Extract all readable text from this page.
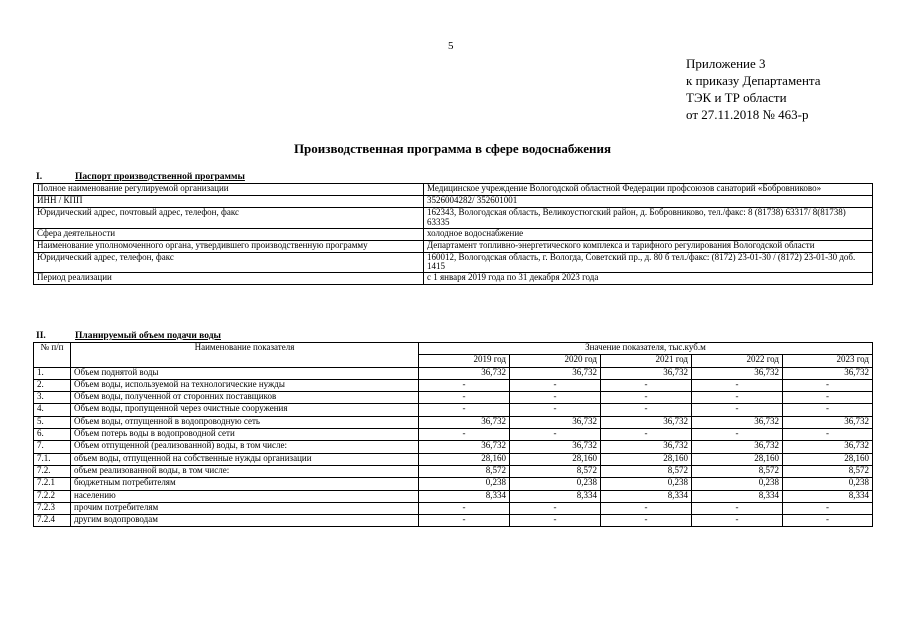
5
Приложение 3
к приказу Департамента
ТЭК и ТР области
от 27.11.2018 № 463-р
Производственная программа в сфере водоснабжения
I.	Паспорт производственной программы
Полное наименование регулируемой организации	Медицинское учреждение Вологодской областной Федерации профсоюзов санаторий «Бобровниково»
ИНН / КПП	3526004282/ 352601001
Юридический адрес, почтовый адрес, телефон, факс	162343, Вологодская область, Великоустюгский район, д. Бобровниково, тел./факс: 8 (81738) 63317/ 8(81738) 63335
Сфера деятельности	холодное водоснабжение
Наименование уполномоченного органа, утвердившего производственную программу	Департамент топливно-энергетического комплекса и тарифного регулирования Вологодской области
Юридический адрес, телефон, факс	160012, Вологодская область, г. Вологда, Советский пр., д. 80 б тел./факс: (8172) 23-01-30 / (8172) 23-01-30 доб. 1415
Период реализации	с 1 января 2019 года по 31 декабря 2023 года
II.	Планируемый объем подачи воды
№ п/п	Наименование показателя	Значение показателя, тыс.куб.м				
		2019 год	2020 год	2021 год	2022 год	2023 год
1.	Объем поднятой воды	36,732	36,732	36,732	36,732	36,732
2.	Объем воды, используемой на технологические нужды	-	-	-	-	-
3.	Объем воды, полученной от сторонних поставщиков	-	-	-	-	-
4.	Объем воды, пропущенной через очистные сооружения	-	-	-	-	-
5.	Объем воды, отпущенной в водопроводную сеть	36,732	36,732	36,732	36,732	36,732
6.	Объем потерь воды в водопроводной сети	-	-	-	-	-
7.	Объем отпущенной (реализованной) воды, в том числе:	36,732	36,732	36,732	36,732	36,732
7.1.	объем воды, отпущенной на собственные нужды организации	28,160	28,160	28,160	28,160	28,160
7.2.	объем реализованной воды, в том числе:	8,572	8,572	8,572	8,572	8,572
7.2.1	бюджетным потребителям	0,238	0,238	0,238	0,238	0,238
7.2.2	населению	8,334	8,334	8,334	8,334	8,334
7.2.3	прочим потребителям	-	-	-	-	-
7.2.4	другим водопроводам	-	-	-	-	-
